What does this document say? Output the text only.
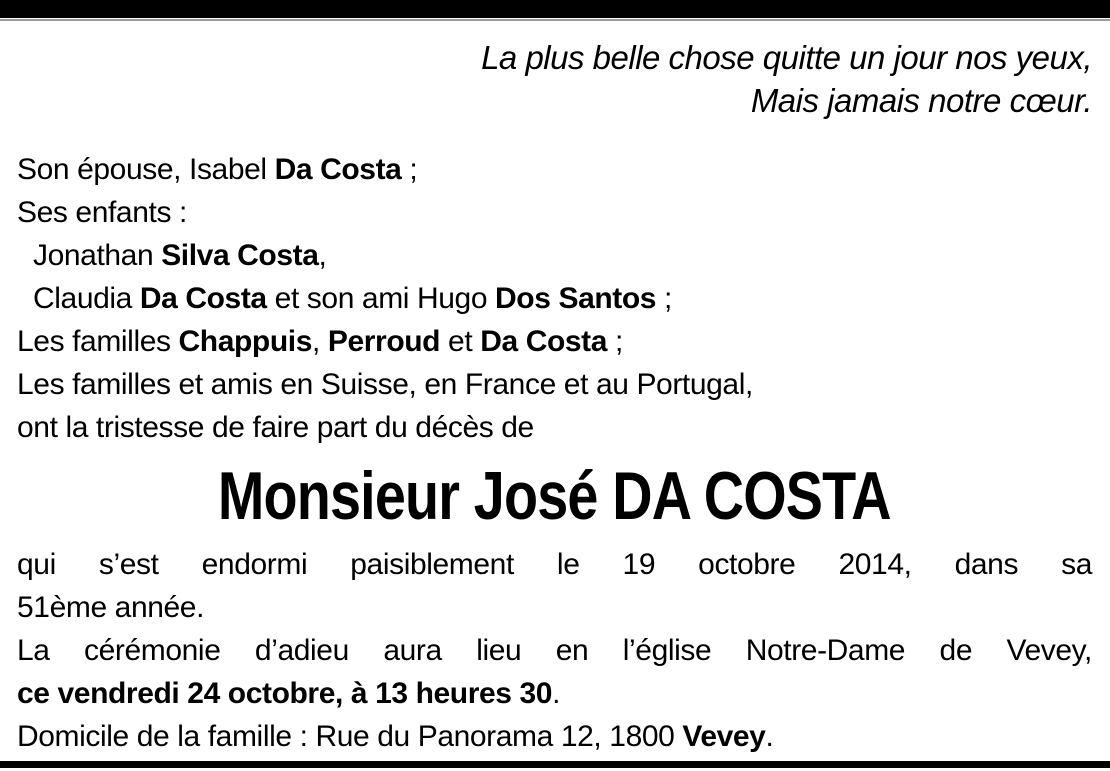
La plus belle chose quitte un jour nos yeux,
Mais jamais notre cœur.
Son épouse, Isabel Da Costa ;
Ses enfants :
Jonathan Silva Costa,
Claudia Da Costa et son ami Hugo Dos Santos ;
Les familles Chappuis, Perroud et Da Costa ;
Les familles et amis en Suisse, en France et au Portugal,
ont la tristesse de faire part du décès de
Monsieur José DA COSTA
qui s’est endormi paisiblement le 19 octobre 2014, dans sa
51ème année.
La cérémonie d’adieu aura lieu en l’église Notre-Dame de Vevey,
ce vendredi 24 octobre, à 13 heures 30.
Domicile de la famille : Rue du Panorama 12, 1800 Vevey.
